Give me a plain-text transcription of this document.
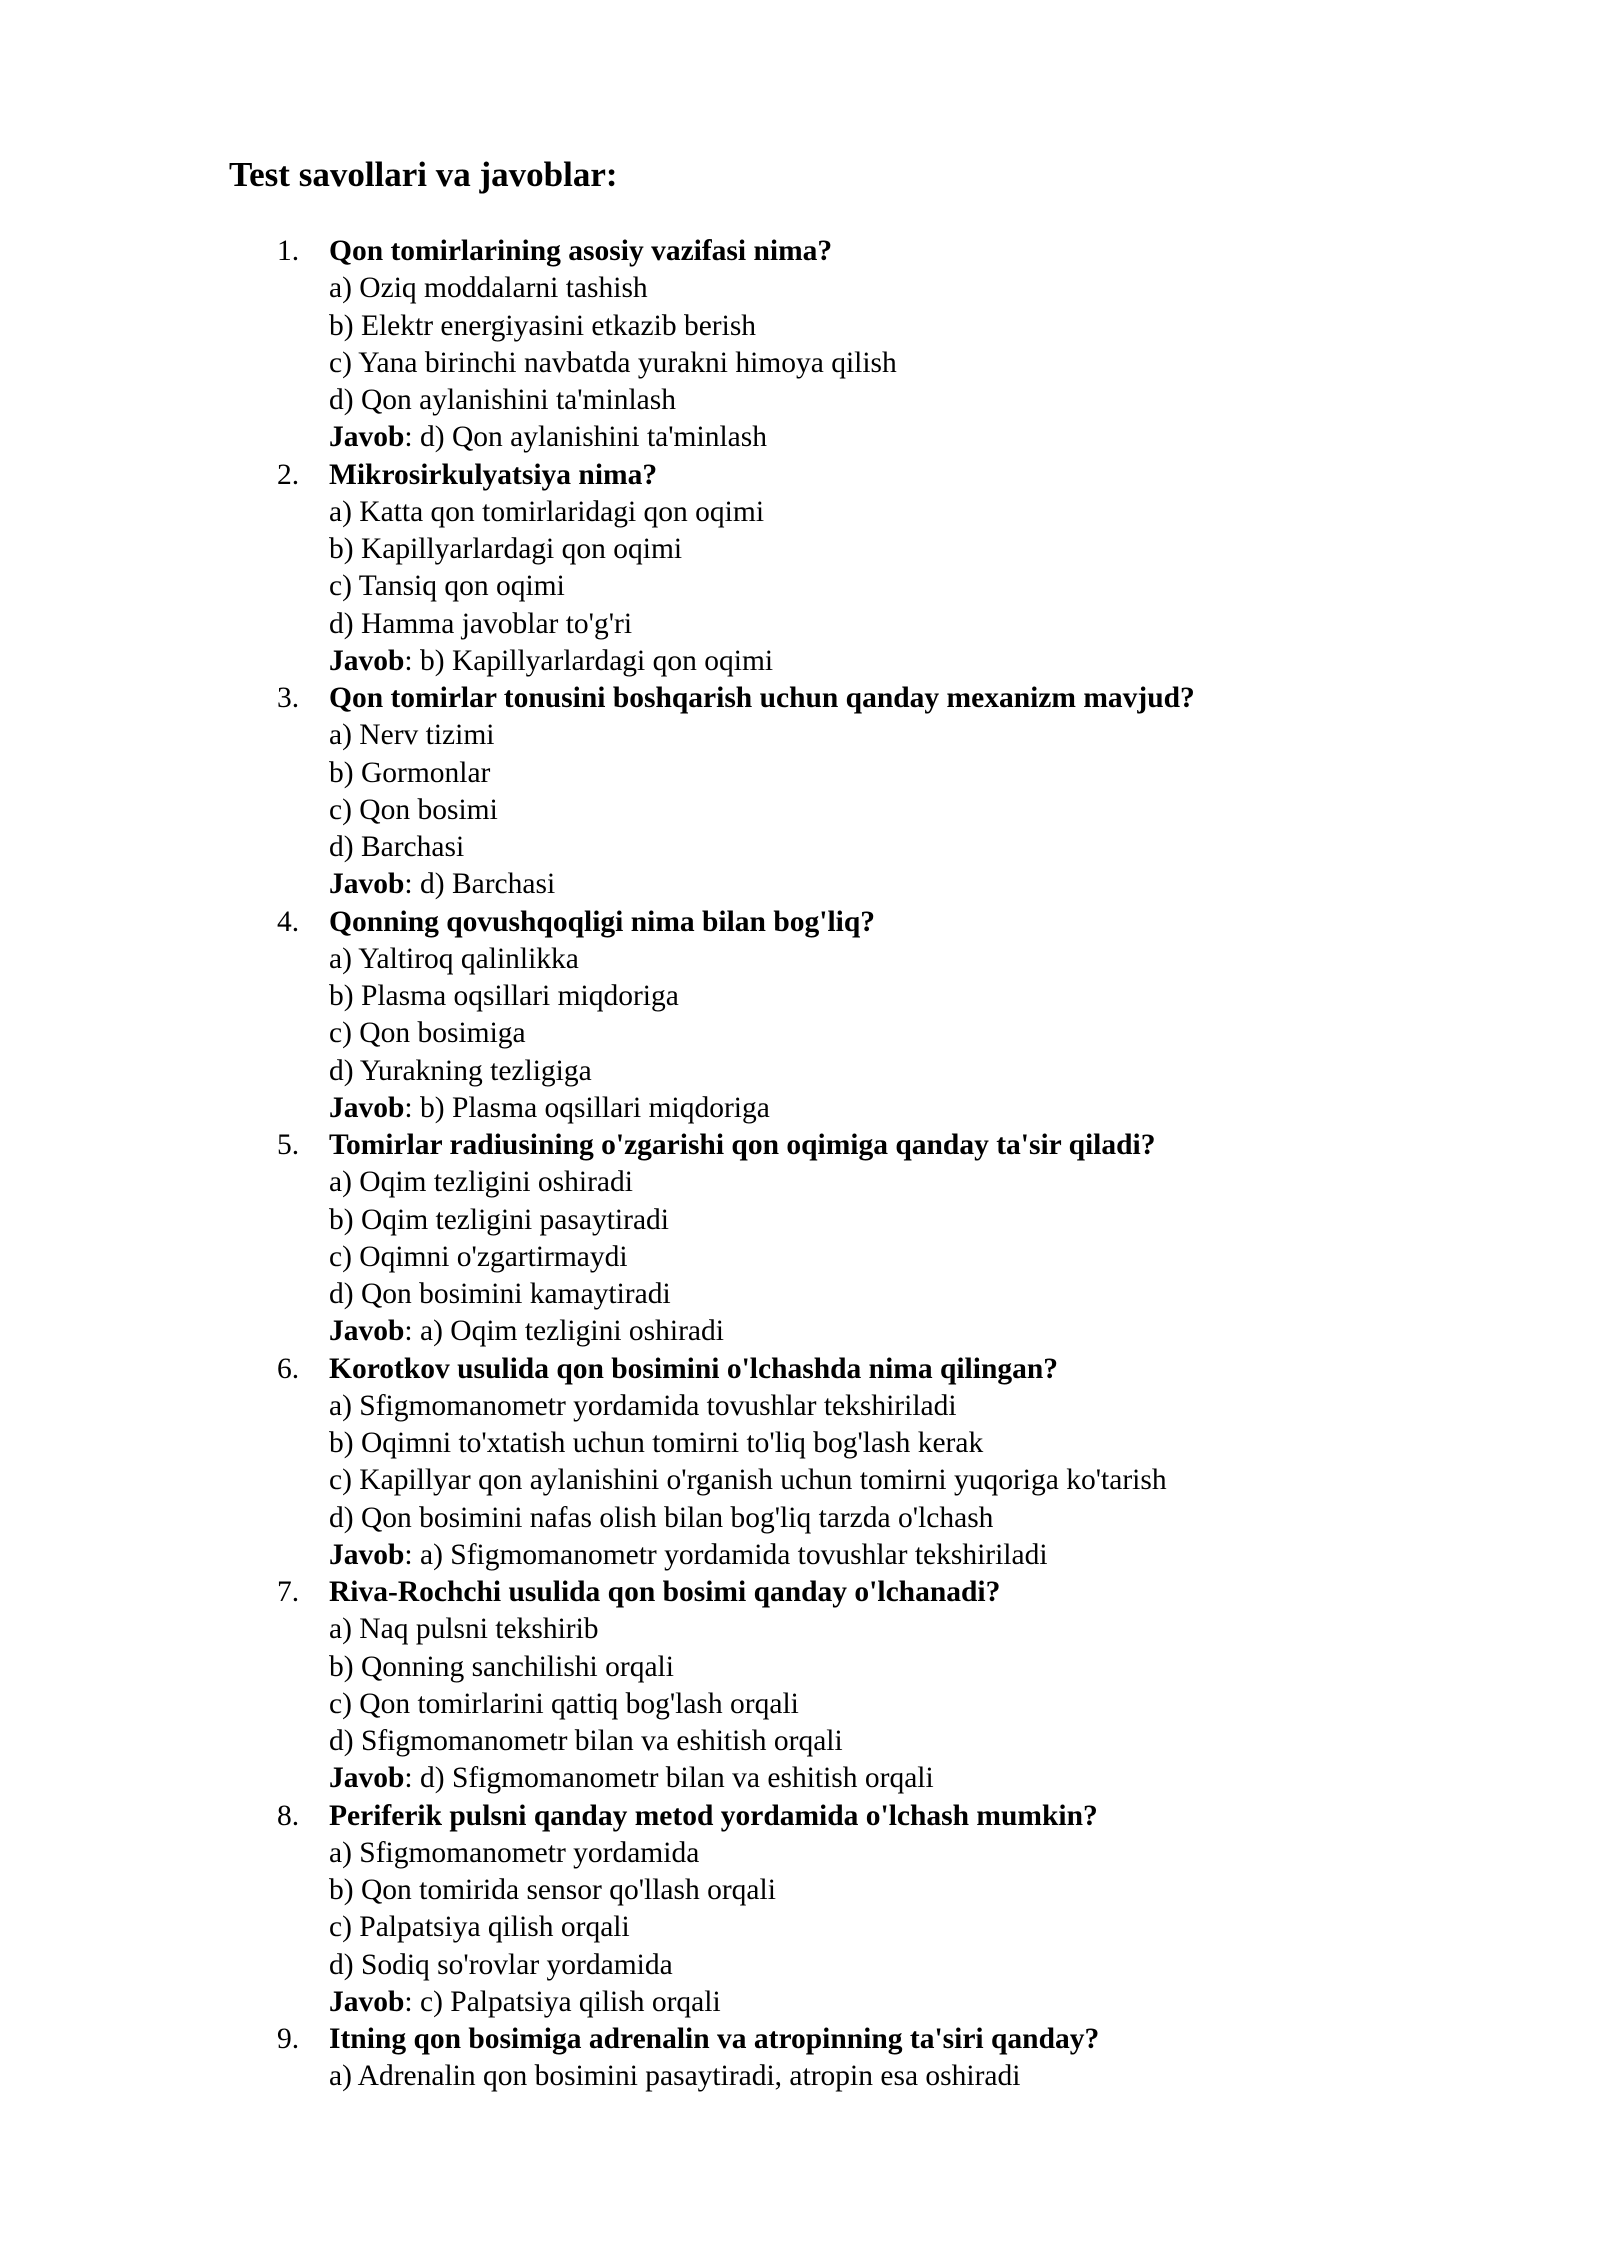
Test savollari va javoblar:
1.	Qon tomirlarining asosiy vazifasi nima?
a) Oziq moddalarni tashish
b) Elektr energiyasini etkazib berish
c) Yana birinchi navbatda yurakni himoya qilish
d) Qon aylanishini ta'minlash
Javob: d) Qon aylanishini ta'minlash
2.	Mikrosirkulyatsiya nima?
a) Katta qon tomirlaridagi qon oqimi
b) Kapillyarlardagi qon oqimi
c) Tansiq qon oqimi
d) Hamma javoblar to'g'ri
Javob: b) Kapillyarlardagi qon oqimi
3.	Qon tomirlar tonusini boshqarish uchun qanday mexanizm mavjud?
a) Nerv tizimi
b) Gormonlar
c) Qon bosimi
d) Barchasi
Javob: d) Barchasi
4.	Qonning qovushqoqligi nima bilan bog'liq?
a) Yaltiroq qalinlikka
b) Plasma oqsillari miqdoriga
c) Qon bosimiga
d) Yurakning tezligiga
Javob: b) Plasma oqsillari miqdoriga
5.	Tomirlar radiusining o'zgarishi qon oqimiga qanday ta'sir qiladi?
a) Oqim tezligini oshiradi
b) Oqim tezligini pasaytiradi
c) Oqimni o'zgartirmaydi
d) Qon bosimini kamaytiradi
Javob: a) Oqim tezligini oshiradi
6.	Korotkov usulida qon bosimini o'lchashda nima qilingan?
a) Sfigmomanometr yordamida tovushlar tekshiriladi
b) Oqimni to'xtatish uchun tomirni to'liq bog'lash kerak
c) Kapillyar qon aylanishini o'rganish uchun tomirni yuqoriga ko'tarish
d) Qon bosimini nafas olish bilan bog'liq tarzda o'lchash
Javob: a) Sfigmomanometr yordamida tovushlar tekshiriladi
7.	Riva-Rochchi usulida qon bosimi qanday o'lchanadi?
a) Naq pulsni tekshirib
b) Qonning sanchilishi orqali
c) Qon tomirlarini qattiq bog'lash orqali
d) Sfigmomanometr bilan va eshitish orqali
Javob: d) Sfigmomanometr bilan va eshitish orqali
8.	Periferik pulsni qanday metod yordamida o'lchash mumkin?
a) Sfigmomanometr yordamida
b) Qon tomirida sensor qo'llash orqali
c) Palpatsiya qilish orqali
d) Sodiq so'rovlar yordamida
Javob: c) Palpatsiya qilish orqali
9.	Itning qon bosimiga adrenalin va atropinning ta'siri qanday?
a) Adrenalin qon bosimini pasaytiradi, atropin esa oshiradi
